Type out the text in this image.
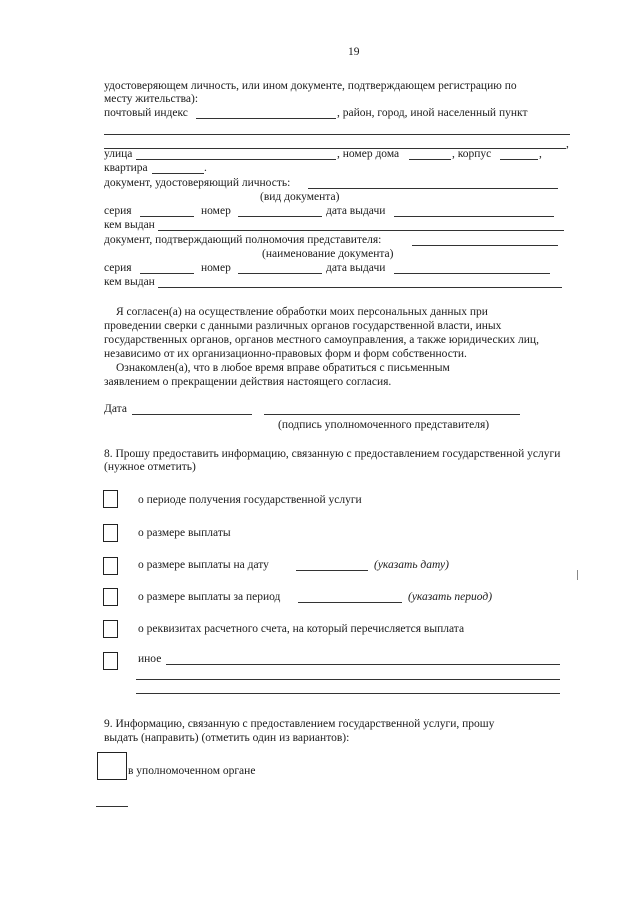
19
удостоверяющем личность, или ином документе, подтверждающем регистрацию по
месту жительства):
почтовый индекс	, район, город, иной населенный пункт
,
улица	, номер дома	, корпус	,
квартира	.
документ, удостоверяющий личность:
(вид документа)
серия	номер	дата выдачи
кем выдан
документ, подтверждающий полномочия представителя:
(наименование документа)
серия	номер	дата выдачи
кем выдан
Я согласен(а) на осуществление обработки моих персональных данных при
проведении сверки с данными различных органов государственной власти, иных
государственных органов, органов местного самоуправления, а также юридических лиц,
независимо от их организационно-правовых форм и форм собственности.
Ознакомлен(а), что в любое время вправе обратиться с письменным
заявлением о прекращении действия настоящего согласия.
Дата
(подпись уполномоченного представителя)
8. Прошу предоставить информацию, связанную с предоставлением государственной услуги
(нужное отметить)
о периоде получения государственной услуги
о размере выплаты
о размере выплаты на дату	(указать дату)
о размере выплаты за период	(указать период)
о реквизитах расчетного счета, на который перечисляется выплата
иное
9. Информацию, связанную с предоставлением государственной услуги, прошу
выдать (направить) (отметить один из вариантов):
в уполномоченном органе
